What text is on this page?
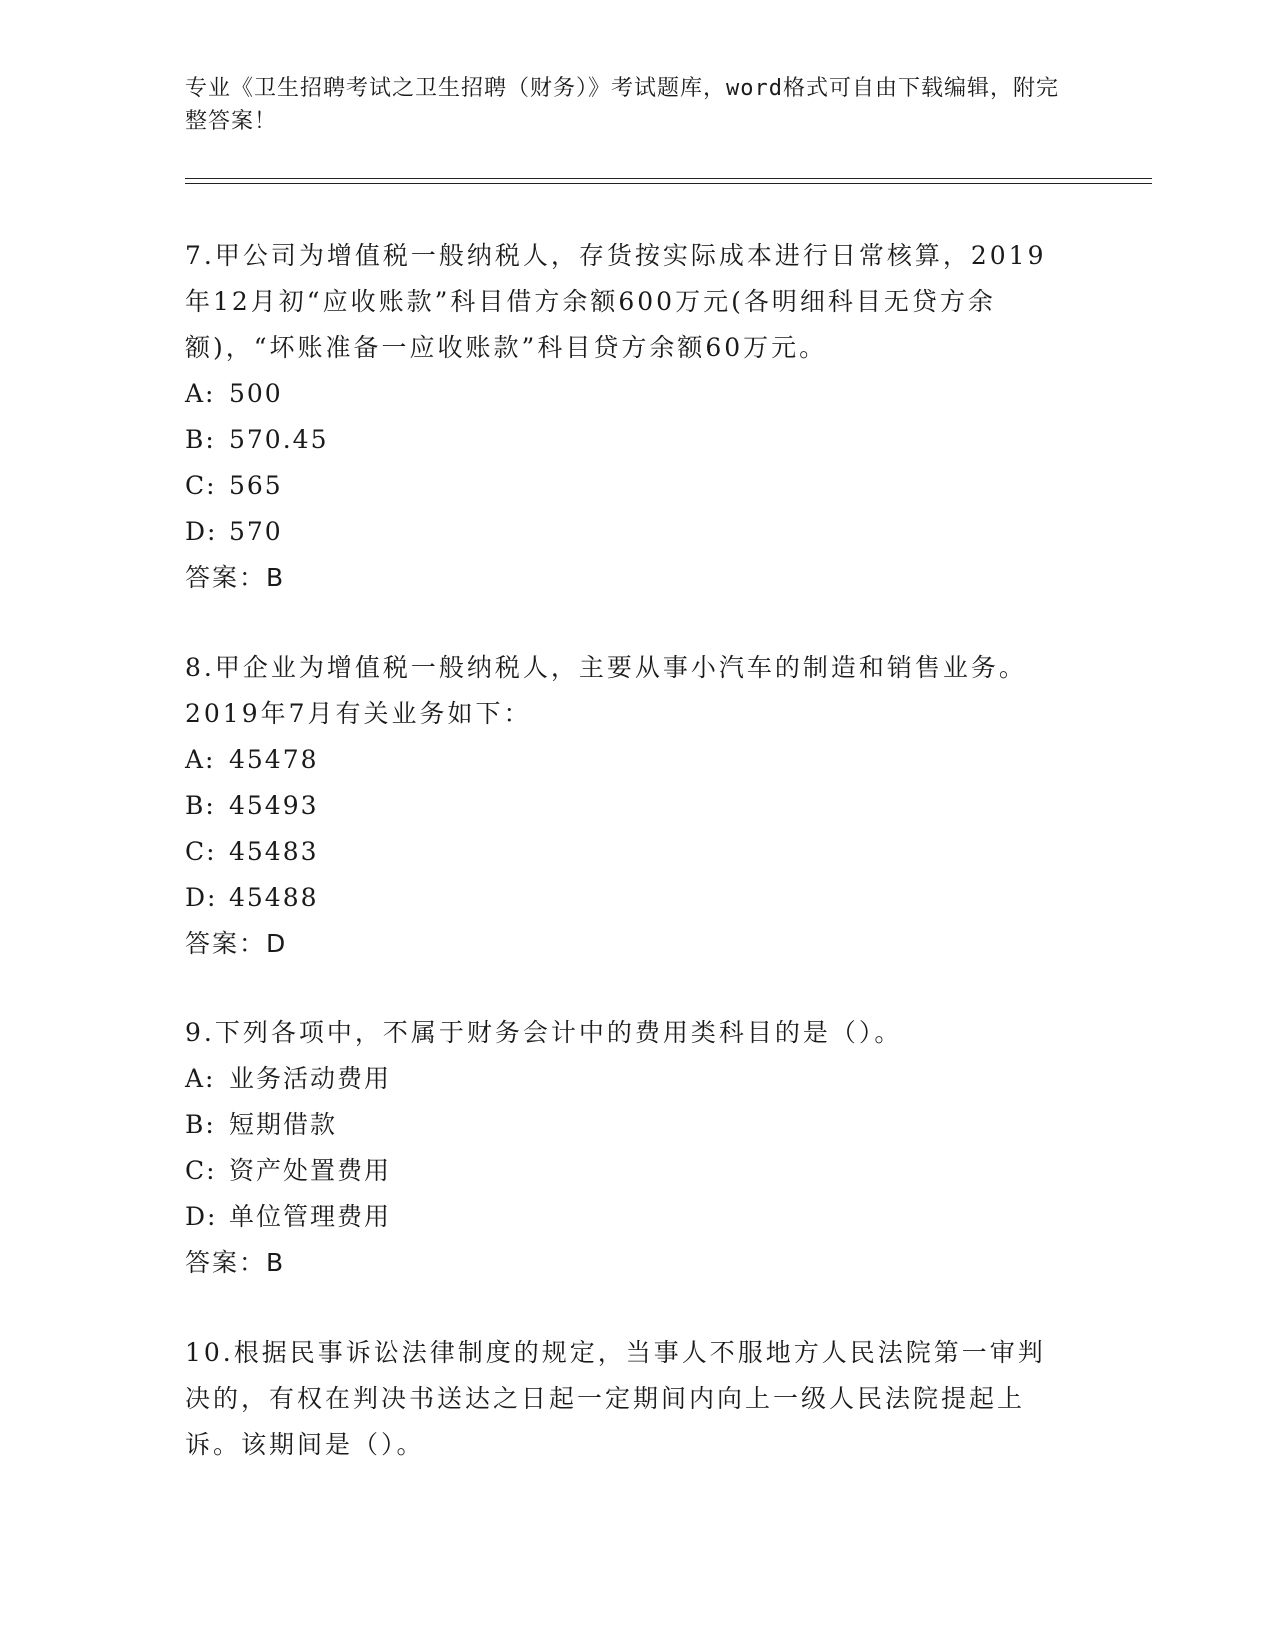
专业《卫生招聘考试之卫生招聘（财务）》考试题库，word格式可自由下载编辑，附完整答案！
7.甲公司为增值税一般纳税人，存货按实际成本进行日常核算，2019年12月初“应收账款”科目借方余额600万元(各明细科目无贷方余额)，“坏账准备一应收账款”科目贷方余额60万元。
A: 500
B: 570.45
C: 565
D: 570
答案：B
8.甲企业为增值税一般纳税人，主要从事小汽车的制造和销售业务。2019年7月有关业务如下：
A: 45478
B: 45493
C: 45483
D: 45488
答案：D
9.下列各项中，不属于财务会计中的费用类科目的是（）。
A: 业务活动费用
B: 短期借款
C: 资产处置费用
D: 单位管理费用
答案：B
10.根据民事诉讼法律制度的规定，当事人不服地方人民法院第一审判决的，有权在判决书送达之日起一定期间内向上一级人民法院提起上诉。该期间是（）。
